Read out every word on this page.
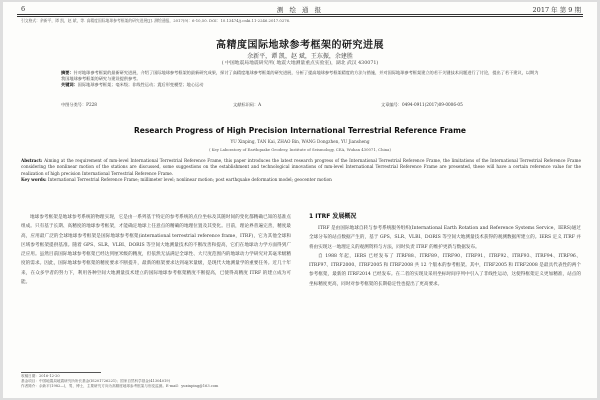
6	测 绘 通 报	2017 年 第 9 期
引文格式：余新平，谭 凯，赵 斌，等. 高精度国际地球参考框架的研究进展[J]. 测绘通报，2017(9)：6-10,50. DOI：10.13474/j.cnki.11-2246.2017.0276.
高精度国际地球参考框架的研究进展
余新平，谭 凯，赵 斌，王东振，余建胜
( 中国地震局地震研究所( 地震大地测量重点实验室)，湖北 武汉 430071)
摘要：针对地球参考框架的最新研究进展，介绍了国际地球参考框架的最新研究成果，探讨了高精度地球参考框架的研究进展，分析了提高地球参考框架精度的方法与措施，并对国际地球参考框架建立的若干关键技术问题进行了讨论，提出了若干建议，以期为我国地球参考框架的研究与建设提供参考。
关键词：国际地球参考框架；毫米级；非线性运动；震后形变模型；地心运动
中图分类号：P228	文献标识码：A	文章编号：0494-0911(2017)09-0006-05
Research Progress of High Precision International Terrestrial Reference Frame
YU Xinping, TAN Kai, ZHAO Bin, WANG Dongzhen, YU Jiansheng
( Key Laboratory of Earthquake Geodesy, Institute of Seismology, CEA, Wuhan 430071, China)
Abstract: Aiming at the requirement of mm-level International Terrestrial Reference Frame, this paper introduces the latest research progress of the International Terrestrial Reference Frame, the limitations of the International Terrestrial Reference Frame considering the nonlinear motion of the stations are discussed, some suggestions on the establishment and technological innovations of mm-level International Terrestrial Reference Frame are presented, these will have a certain reference value for the realization of high precision International Terrestrial Reference Frame.
Key words: International Terrestrial Reference Frame; millimeter level; nonlinear motion; post earthquake deformation model; geocenter motion
地球参考框架是地球参考系统的物理实现，它是由一系列基于特定的参考系统的点位坐标及其随时间的变化都精确已知的基准点组成。只有基于长期、高精度的地球参考框架，才能确定地球上任意点的精确的地理位置及其变化。目前，理论界普遍完善，精度最高，应用最广泛的全球地球参考框架是国际地球参考框架(international terrestrial reference frame，ITRF)，它为其他全球和区域参考框架提供基准。随着 GPS、SLR、VLBI、DORIS 等空间大地测量技术的不断改善和提高，它们在地球动力学方面得到广泛应用。虽然目前国际地球参考框架已经达到厘米级的精度，但依然无法满足全球性、大尺度范围内的地球动力学研究对其毫米级精度的需求。因此，国际地球参考框架的精度要求不断提升，最新的框架要求达到毫米量级，是现代大地测量学的重要任务。近几十年来，在众多学者的努力下，利用各种空间大地测量技术建立的国际地球参考框架精度不断提高，已使得高精度 ITRF 的建立成为可能。
1 ITRF 发展概况
ITRF 是由国际地球自转与参考系统服务组织(International Earth Rotation and Reference Systems Service，IERS)通过全球分布的站点数据产生的，基于 GPS、SLR、VLBI、DORIS 等空间大地测量技术获得的观测数据所建立的。IERS 定义 ITRF 并将由实现这一地理定义的观测资料与方法，同时负责 ITRF 的维护更新与数据发布。
自 1988 年起，IERS 已经发布了 ITRF88、ITRF89、ITRF90、ITRF91、ITRF92、ITRF93、ITRF94、ITRF96、ITRF97、ITRF2000、ITRF2005 和 ITRF2008 共 12 个版本的参考框架。其中，ITRF2005 和 ITRF2008 是最具代表性的两个参考框架，最新的 ITRF2014 已经发布。在二者的实现及采用坐标时间序列中引入了非线性运动，这使得框架定义更加精准，站点的坐标精度更高，同时对参考框架的长期稳定性也提出了更高要求。
收稿日期：2016-12-20
基金项目：中国地震局地震研究所所长基金(IS201726221)；国家自然科学基金(41304019)
作者简介：余新平(1982—)，男，博士，主要研究方向为高精度地球参考框架与形变监测。E-mail：yuxinping@163.com
